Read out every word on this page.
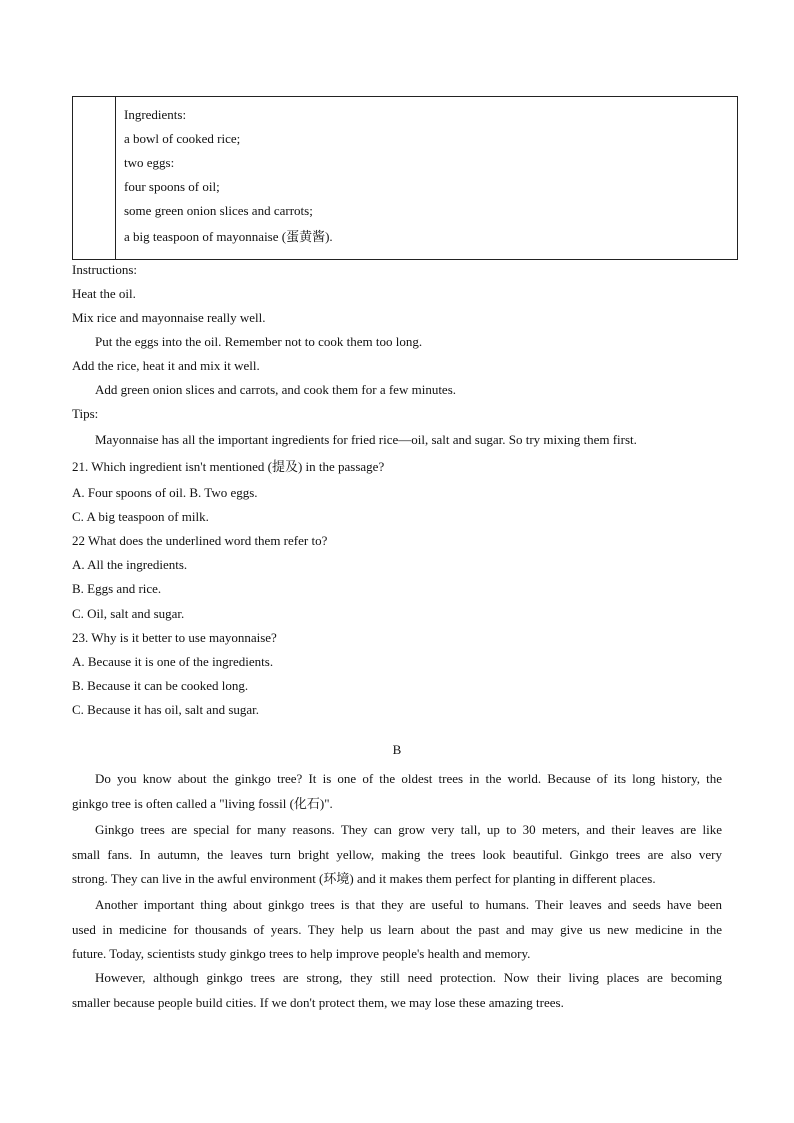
Ingredients:
a bowl of cooked rice;
two eggs:
four spoons of oil;
some green onion slices and carrots;
a big teaspoon of mayonnaise (蛋黄酱).
Instructions:
Heat the oil.
Mix rice and mayonnaise really well.
Put the eggs into the oil. Remember not to cook them too long.
Add the rice, heat it and mix it well.
Add green onion slices and carrots, and cook them for a few minutes.
Tips:
Mayonnaise has all the important ingredients for fried rice—oil, salt and sugar. So try mixing them first.
21. Which ingredient isn't mentioned (提及) in the passage?
A. Four spoons of oil. B. Two eggs.
C. A big teaspoon of milk.
22 What does the underlined word them refer to?
A. All the ingredients.
B. Eggs and rice.
C. Oil, salt and sugar.
23. Why is it better to use mayonnaise?
A. Because it is one of the ingredients.
B. Because it can be cooked long.
C. Because it has oil, salt and sugar.
B
Do you know about the ginkgo tree? It is one of the oldest trees in the world. Because of its long history, the
ginkgo tree is often called a "living fossil (化石)".
Ginkgo trees are special for many reasons. They can grow very tall, up to 30 meters, and their leaves are like
small fans. In autumn, the leaves turn bright yellow, making the trees look beautiful. Ginkgo trees are also very
strong. They can live in the awful environment (环境) and it makes them perfect for planting in different places.
Another important thing about ginkgo trees is that they are useful to humans. Their leaves and seeds have been
used in medicine for thousands of years. They help us learn about the past and may give us new medicine in the
future. Today, scientists study ginkgo trees to help improve people's health and memory.
However, although ginkgo trees are strong, they still need protection. Now their living places are becoming
smaller because people build cities. If we don't protect them, we may lose these amazing trees.
